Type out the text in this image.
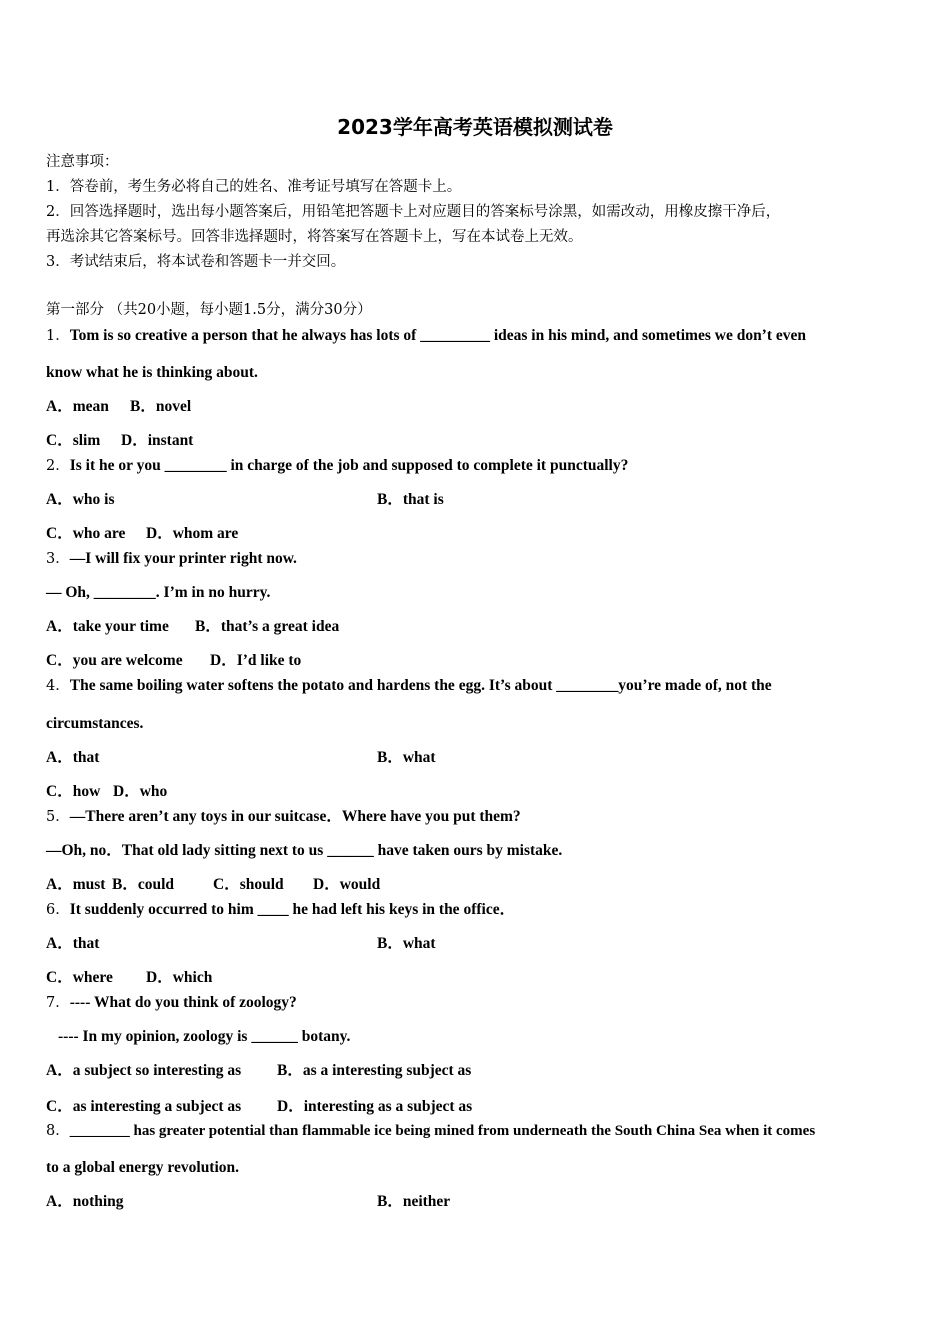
2023学年高考英语模拟测试卷
注意事项：
1．答卷前，考生务必将自己的姓名、准考证号填写在答题卡上。
2．回答选择题时，选出每小题答案后，用铅笔把答题卡上对应题目的答案标号涂黑，如需改动，用橡皮擦干净后，
再选涂其它答案标号。回答非选择题时，将答案写在答题卡上，写在本试卷上无效。
3．考试结束后，将本试卷和答题卡一并交回。
第一部分 （共20小题，每小题1.5分，满分30分）
1．Tom is so creative a person that he always has lots of _________ ideas in his mind, and sometimes we don’t even
know what he is thinking about.
A．mean B．novel
C．slim D．instant
2．Is it he or you ________ in charge of the job and supposed to complete it punctually?
A．who is	B．that is
C．who are D．whom are
3．—I will fix your printer right now.
— Oh, ________. I’m in no hurry.
A．take your time B．that’s a great idea
C．you are welcome D．I’d like to
4．The same boiling water softens the potato and hardens the egg. It’s about ________you’re made of, not the
circumstances.
A．that	B．what
C．how D．who
5．—There aren’t any toys in our suitcase．Where have you put them?
—Oh, no．That old lady sitting next to us ______ have taken ours by mistake.
A．must B．could	C．should D．would
6．It suddenly occurred to him ____ he had left his keys in the office．
A．that	B．what
C．where D．which
7．---- What do you think of zoology?
---- In my opinion, zoology is ______ botany.
A．a subject so interesting as B．as a interesting subject as
C．as interesting a subject as D．interesting as a subject as
8．________ has greater potential than flammable ice being mined from underneath the South China Sea when it comes
to a global energy revolution.
A．nothing	B．neither
